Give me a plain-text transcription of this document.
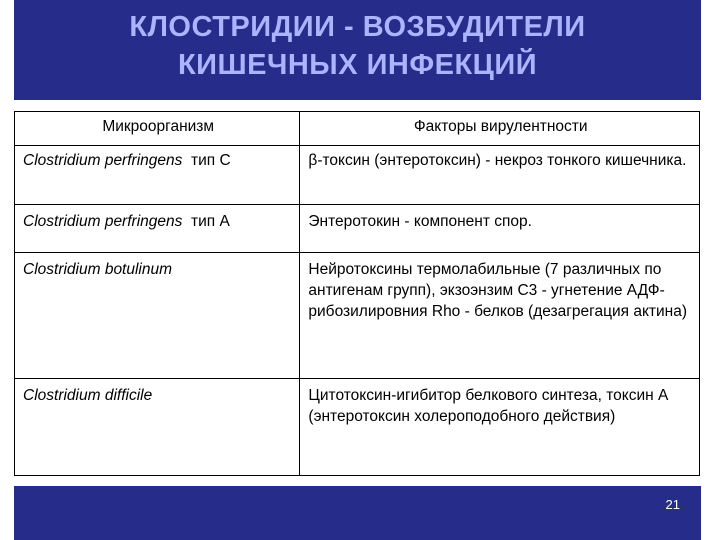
КЛОСТРИДИИ - ВОЗБУДИТЕЛИ
КИШЕЧНЫХ ИНФЕКЦИЙ
Микроорганизм	Факторы вирулентности
Clostridium perfringens тип C	β-токсин (энтеротоксин) - некроз тонкого кишечника.
Clostridium perfringens тип A	Энтеротокин - компонент спор.
Clostridium botulinum	Нейротоксины термолабильные (7 различных по антигенам групп), экзоэнзим С3 - угнетение АДФ-рибозилировния Rho - белков (дезагрегация актина)
Clostridium difficile	Цитотоксин-игибитор белкового синтеза, токсин А (энтеротоксин холероподобного действия)
21
